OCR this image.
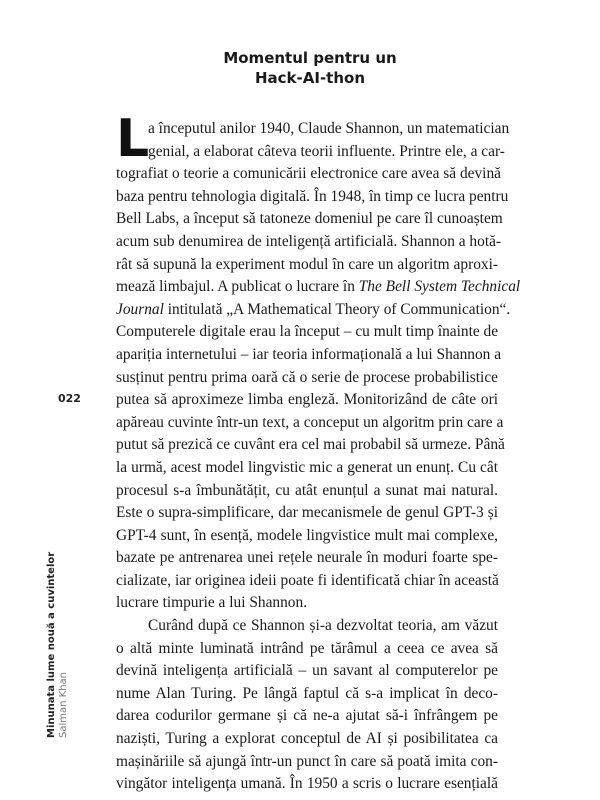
Momentul pentru un
Hack-AI-thon
L
a începutul anilor 1940, Claude Shannon, un matematician
genial, a elaborat câteva teorii influente. Printre ele, a car-
tografiat o teorie a comunicării electronice care avea să devină
baza pentru tehnologia digitală. În 1948, în timp ce lucra pentru
Bell Labs, a început să tatoneze domeniul pe care îl cunoaștem
acum sub denumirea de inteligență artificială. Shannon a hotă-
rât să supună la experiment modul în care un algoritm aproxi-
mează limbajul. A publicat o lucrare în The Bell System Technical
Journal intitulată „A Mathematical Theory of Communication“.
Computerele digitale erau la început – cu mult timp înainte de
apariția internetului – iar teoria informațională a lui Shannon a
susținut pentru prima oară că o serie de procese probabilistice
putea să aproximeze limba engleză. Monitorizând de câte ori
apăreau cuvinte într-un text, a conceput un algoritm prin care a
putut să prezică ce cuvânt era cel mai probabil să urmeze. Până
la urmă, acest model lingvistic mic a generat un enunț. Cu cât
procesul s-a îmbunătățit, cu atât enunțul a sunat mai natural.
Este o supra-simplificare, dar mecanismele de genul GPT-3 și
GPT-4 sunt, în esență, modele lingvistice mult mai complexe,
bazate pe antrenarea unei rețele neurale în moduri foarte spe-
cializate, iar originea ideii poate fi identificată chiar în această
lucrare timpurie a lui Shannon.
Curând după ce Shannon și-a dezvoltat teoria, am văzut
o altă minte luminată intrând pe tărâmul a ceea ce avea să
devină inteligența artificială – un savant al computerelor pe
nume Alan Turing. Pe lângă faptul că s-a implicat în deco-
darea codurilor germane și că ne-a ajutat să-i înfrângem pe
naziști, Turing a explorat conceptul de AI și posibilitatea ca
mașinăriile să ajungă într-un punct în care să poată imita con-
vingător inteligența umană. În 1950 a scris o lucrare esențială
022
Minunata lume nouă a cuvintelor Salman Khan
